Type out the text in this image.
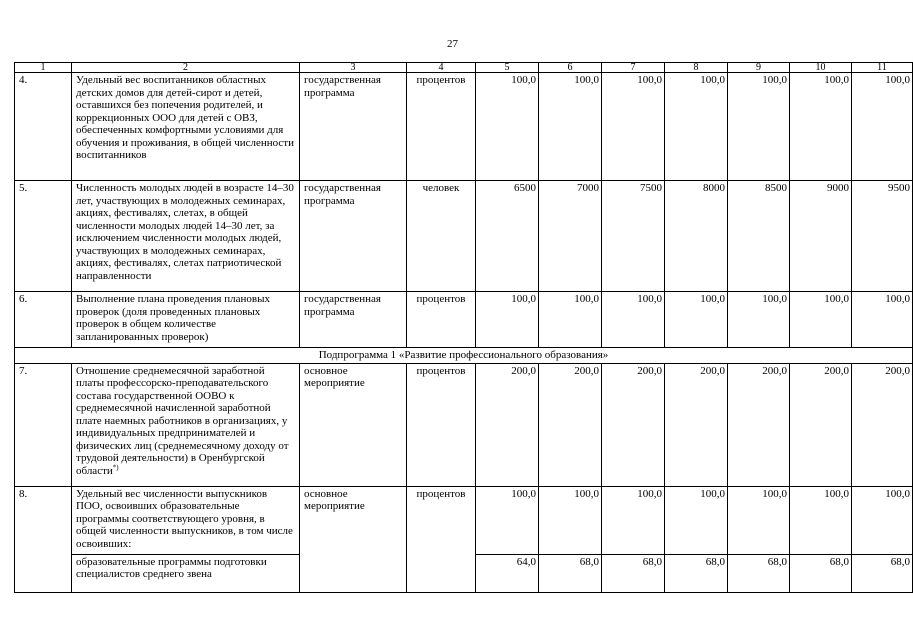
27
1	2	3	4	5	6	7	8	9	10	11
4.	Удельный вес воспитанников областных детских домов для детей-сирот и детей, оставшихся без попечения родителей, и коррекционных ООО для детей с ОВЗ, обеспеченных комфортными условиями для обучения и проживания, в общей численности воспитанников	государственная программа	процентов	100,0	100,0	100,0	100,0	100,0	100,0	100,0
5.	Численность молодых людей в возрасте 14–30 лет, участвующих в молодежных семинарах, акциях, фестивалях, слетах, в общей численности молодых людей 14–30 лет, за исключением численности молодых людей, участвующих в молодежных семинарах, акциях, фестивалях, слетах патриотической направленности	государственная программа	человек	6500	7000	7500	8000	8500	9000	9500
6.	Выполнение плана проведения плановых проверок (доля проведенных плановых проверок в общем количестве запланированных проверок)	государственная программа	процентов	100,0	100,0	100,0	100,0	100,0	100,0	100,0
Подпрограмма 1 «Развитие профессионального образования»										
7.	Отношение среднемесячной заработной платы профессорско-преподавательского состава государственной ООВО к среднемесячной начисленной заработной плате наемных работников в организациях, у индивидуальных предпринимателей и физических лиц (среднемесячному доходу от трудовой деятельности) в Оренбургской области*)	основное мероприятие	процентов	200,0	200,0	200,0	200,0	200,0	200,0	200,0
8.	Удельный вес численности выпускников ПОО, освоивших образовательные программы соответствующего уровня, в общей численности выпускников, в том числе освоивших:	основное мероприятие	процентов	100,0	100,0	100,0	100,0	100,0	100,0	100,0
	образовательные программы подготовки специалистов среднего звена			64,0	68,0	68,0	68,0	68,0	68,0	68,0
